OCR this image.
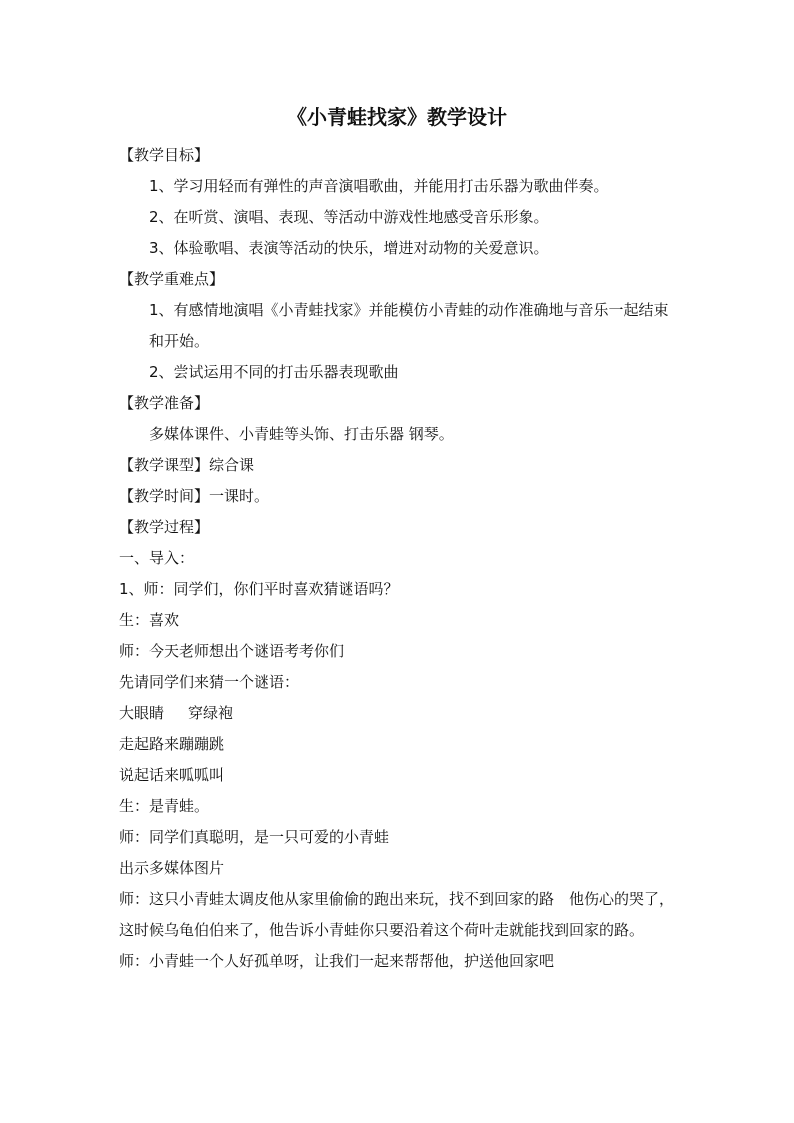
《小青蛙找家》教学设计
【教学目标】
1、学习用轻而有弹性的声音演唱歌曲，并能用打击乐器为歌曲伴奏。
2、在听赏、演唱、表现、等活动中游戏性地感受音乐形象。
3、体验歌唱、表演等活动的快乐，增进对动物的关爱意识。
【教学重难点】
1、有感情地演唱《小青蛙找家》并能模仿小青蛙的动作准确地与音乐一起结束和开始。
2、尝试运用不同的打击乐器表现歌曲
【教学准备】
多媒体课件、小青蛙等头饰、打击乐器 钢琴。
【教学课型】综合课
【教学时间】一课时。
【教学过程】
一、导入：
1、师：同学们，你们平时喜欢猜谜语吗？
生：喜欢
师：今天老师想出个谜语考考你们
先请同学们来猜一个谜语：
大眼睛 穿绿袍
走起路来蹦蹦跳
说起话来呱呱叫
生：是青蛙。
师：同学们真聪明，是一只可爱的小青蛙
出示多媒体图片
师：这只小青蛙太调皮他从家里偷偷的跑出来玩，找不到回家的路　他伤心的哭了，这时候乌龟伯伯来了，他告诉小青蛙你只要沿着这个荷叶走就能找到回家的路。
师：小青蛙一个人好孤单呀，让我们一起来帮帮他，护送他回家吧
